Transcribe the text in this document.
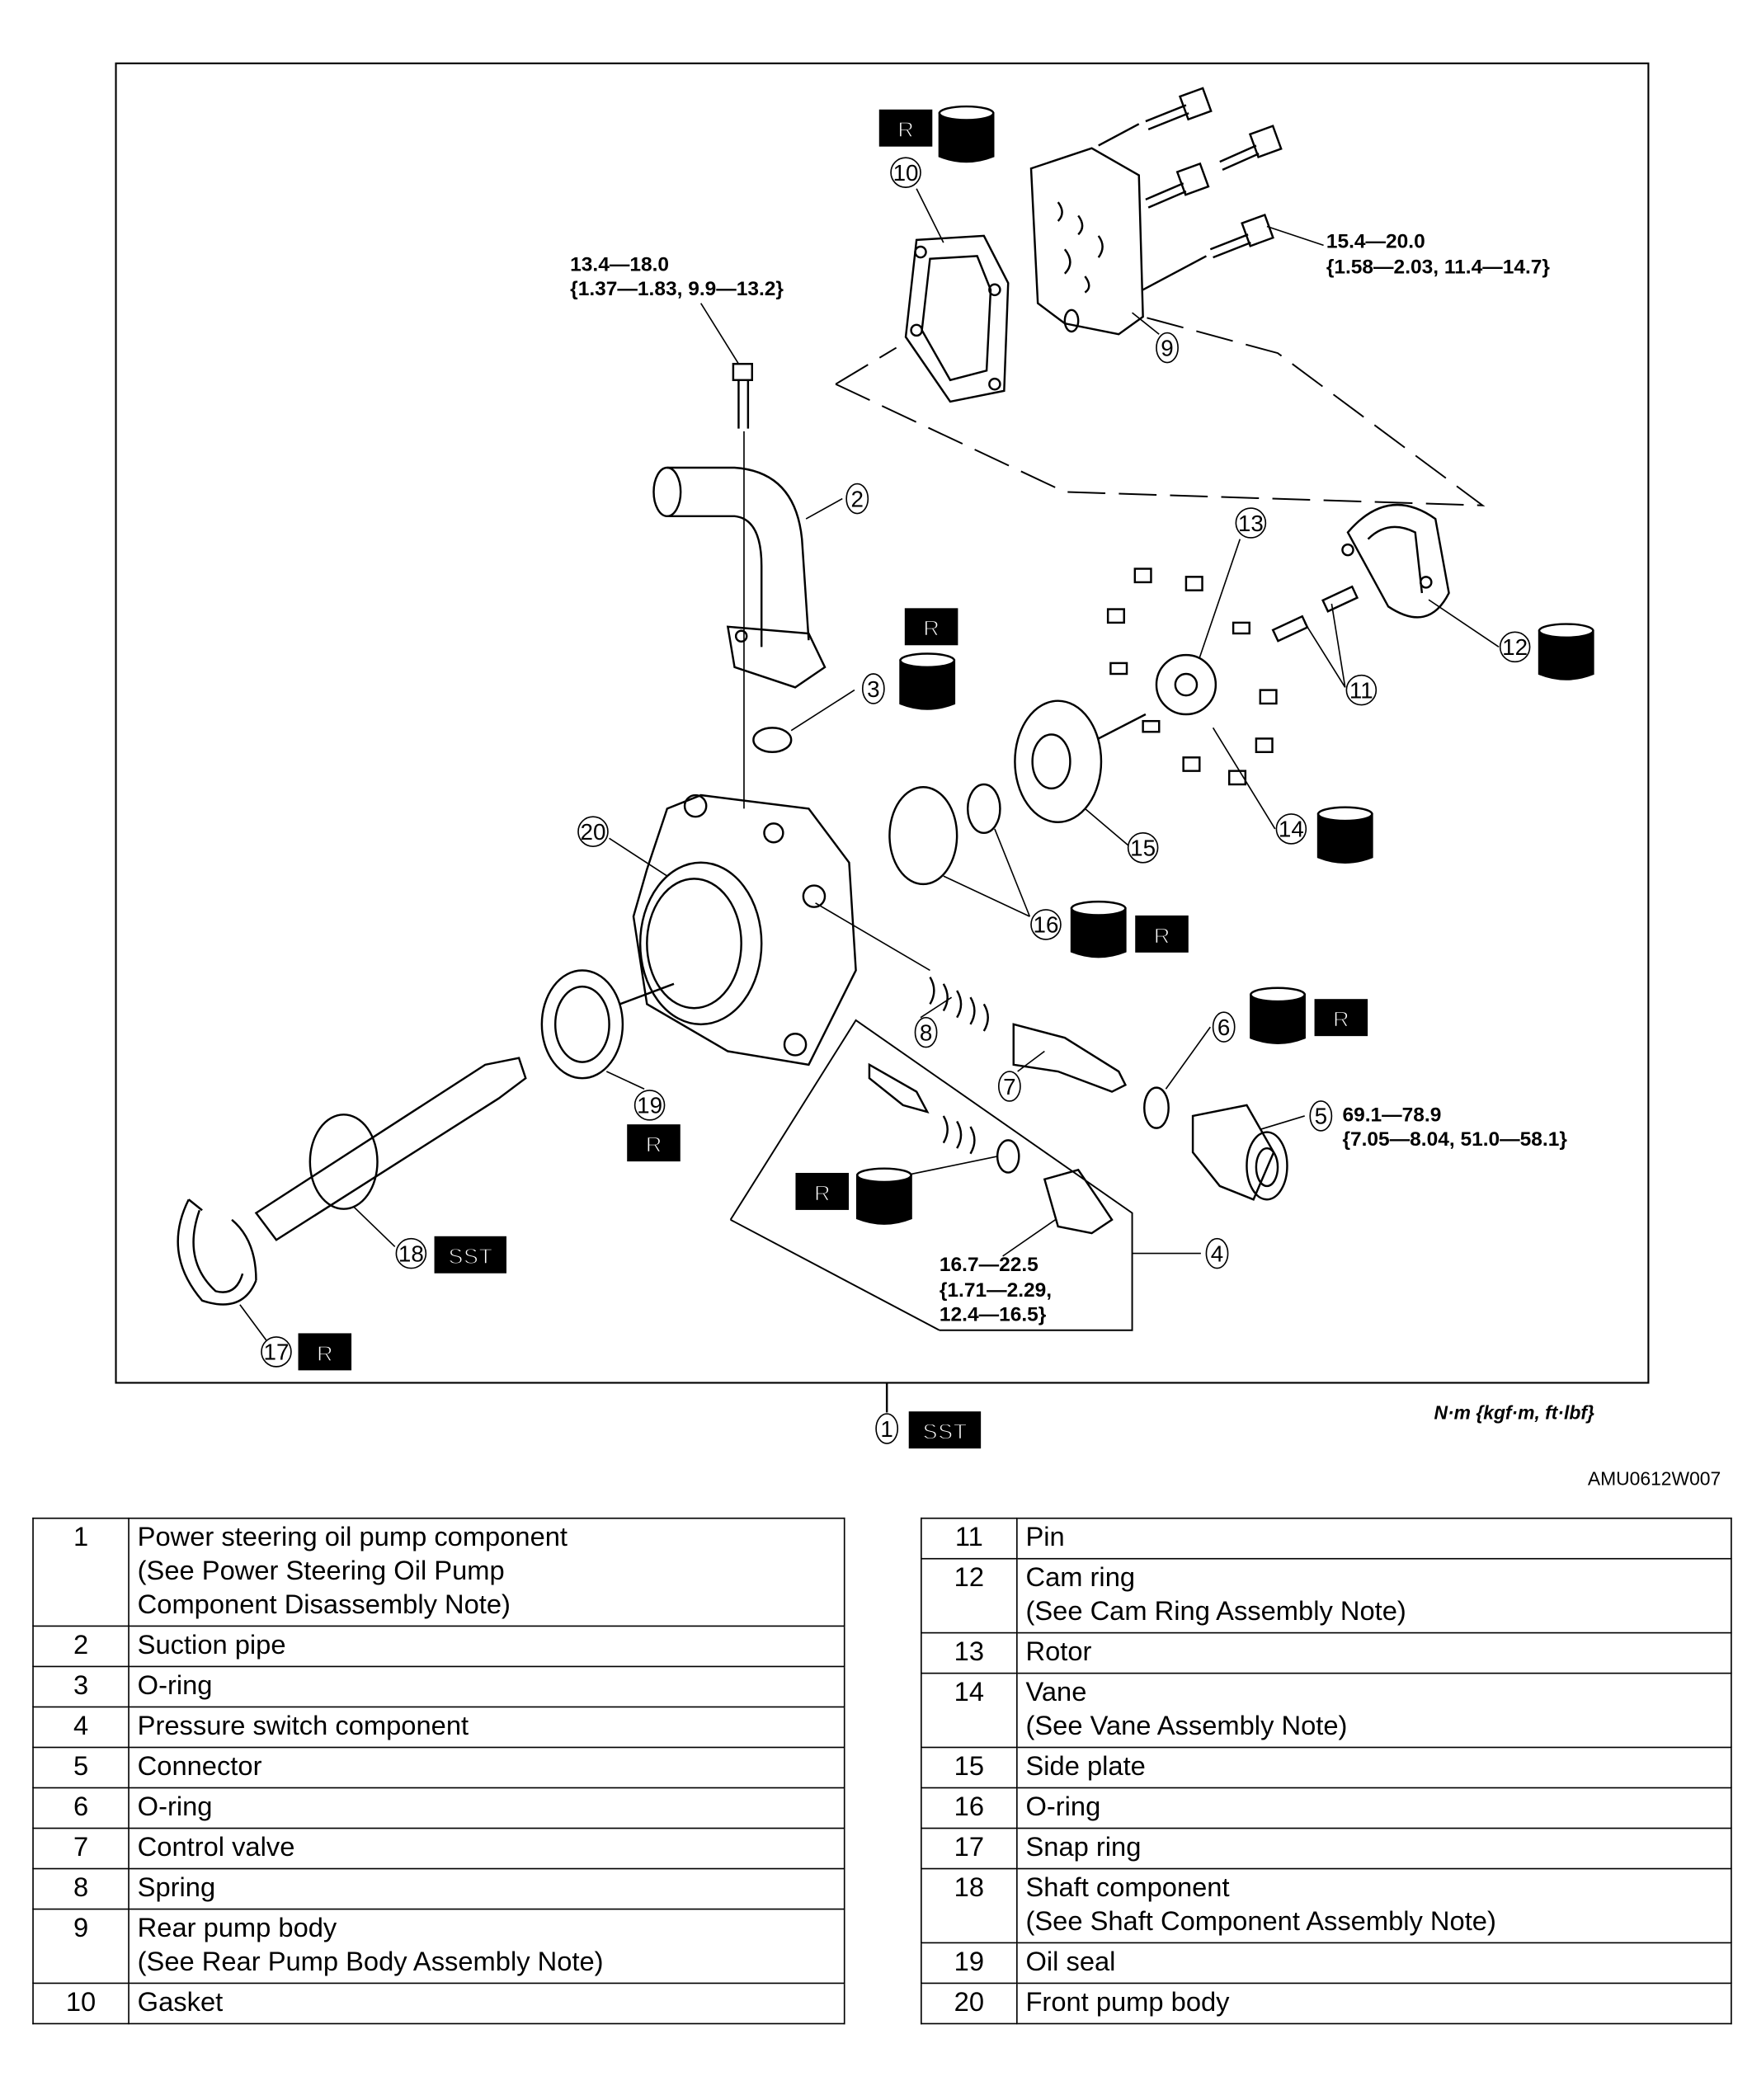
1
2
3
4
5
6
7
8
9
10
11
12
13
14
15
16
17
18
19
20
R
ATF
R
ATF
ATF
ATF
ATF	R
ATF	R
R
R
ATF
SST
R
SST
13.4—18.0
{1.37—1.83, 9.9—13.2}
15.4—20.0
{1.58—2.03, 11.4—14.7}
69.1—78.9
{7.05—8.04, 51.0—58.1}
16.7—22.5
{1.71—2.29,
12.4—16.5}
N·m {kgf·m, ft·lbf}
AMU0612W007
1	Power steering oil pump component
(See Power Steering Oil Pump
Component Disassembly Note)

2	Suction pipe

3	O-ring

4	Pressure switch component

5	Connector

6	O-ring

7	Control valve

8	Spring

9	Rear pump body
(See Rear Pump Body Assembly Note)

10	Gasket
11	Pin

12	Cam ring
(See Cam Ring Assembly Note)

13	Rotor

14	Vane
(See Vane Assembly Note)

15	Side plate

16	O-ring

17	Snap ring

18	Shaft component
(See Shaft Component Assembly Note)

19	Oil seal

20	Front pump body
